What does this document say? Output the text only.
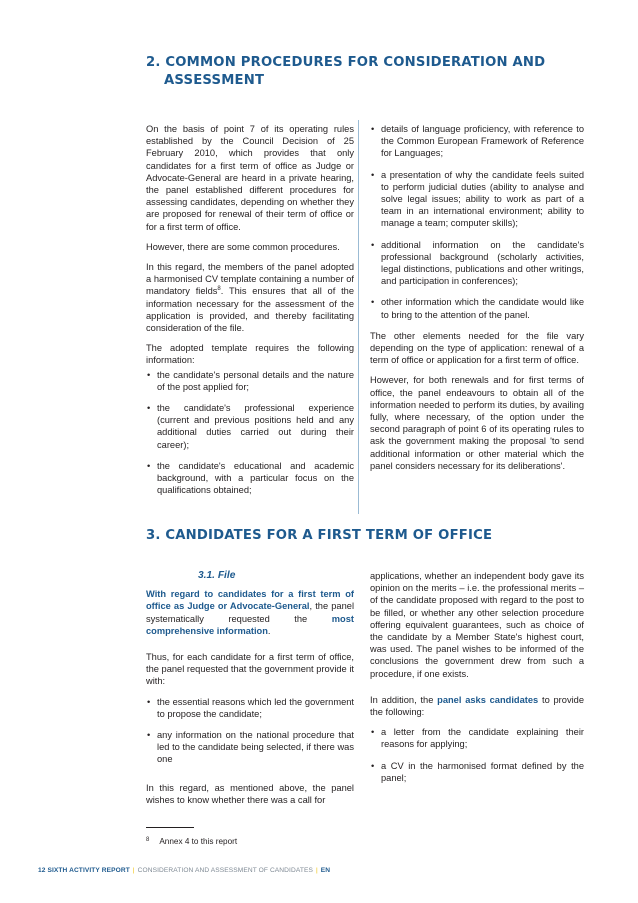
2. COMMON PROCEDURES FOR CONSIDERATION AND
ASSESSMENT

On the basis of point 7 of its operating rules established by the Council Decision of 25 February 2010, which provides that only candidates for a first term of office as Judge or Advocate-General are heard in a private hearing, the panel established different procedures for assessing candidates, depending on whether they are proposed for renewal of their term of office or for a first term of office.

However, there are some common procedures.

In this regard, the members of the panel adopted a harmonised CV template containing a number of mandatory fields$^8$. This ensures that all of the information necessary for the assessment of the application is provided, and thereby facilitating consideration of the file.

The adopted template requires the following information:

• the candidate's personal details and the nature of the post applied for;
• the candidate's professional experience (current and previous positions held and any additional duties carried out during their career);
• the candidate's educational and academic background, with a particular focus on the qualifications obtained;
• details of language proficiency, with reference to the Common European Framework of Reference for Languages;
• a presentation of why the candidate feels suited to perform judicial duties (ability to analyse and solve legal issues; ability to work as part of a team in an international environment; ability to manage a team; computer skills);
• additional information on the candidate's professional background (scholarly activities, legal distinctions, publications and other writings, and participation in conferences);
• other information which the candidate would like to bring to the attention of the panel.

The other elements needed for the file vary depending on the type of application: renewal of a term of office or application for a first term of office.

However, for both renewals and for first terms of office, the panel endeavours to obtain all of the information needed to perform its duties, by availing fully, where necessary, of the option under the second paragraph of point 6 of its operating rules to ask the government making the proposal 'to send additional information or other material which the panel considers necessary for its deliberations'.

3. CANDIDATES FOR A FIRST TERM OF OFFICE
3.1. File

With regard to candidates for a first term of office as Judge or Advocate-General, the panel systematically requested the most comprehensive information.

Thus, for each candidate for a first term of office, the panel requested that the government provide it with:

• the essential reasons which led the government to propose the candidate;
• any information on the national procedure that led to the candidate being selected, if there was one

In this regard, as mentioned above, the panel wishes to know whether there was a call for

applications, whether an independent body gave its opinion on the merits – i.e. the professional merits – of the candidate proposed with regard to the post to be filled, or whether any other selection procedure offering equivalent guarantees, such as choice of the candidate by a Member State's highest court, was used. The panel wishes to be informed of the conclusions the government drew from such a procedure, if one exists.

In addition, the panel asks candidates to provide the following:

• a letter from the candidate explaining their reasons for applying;
• a CV in the harmonised format defined by the panel;
$^8$ Annex 4 to this report
12 SIXTH ACTIVITY REPORT | CONSIDERATION AND ASSESSMENT OF CANDIDATES | EN
